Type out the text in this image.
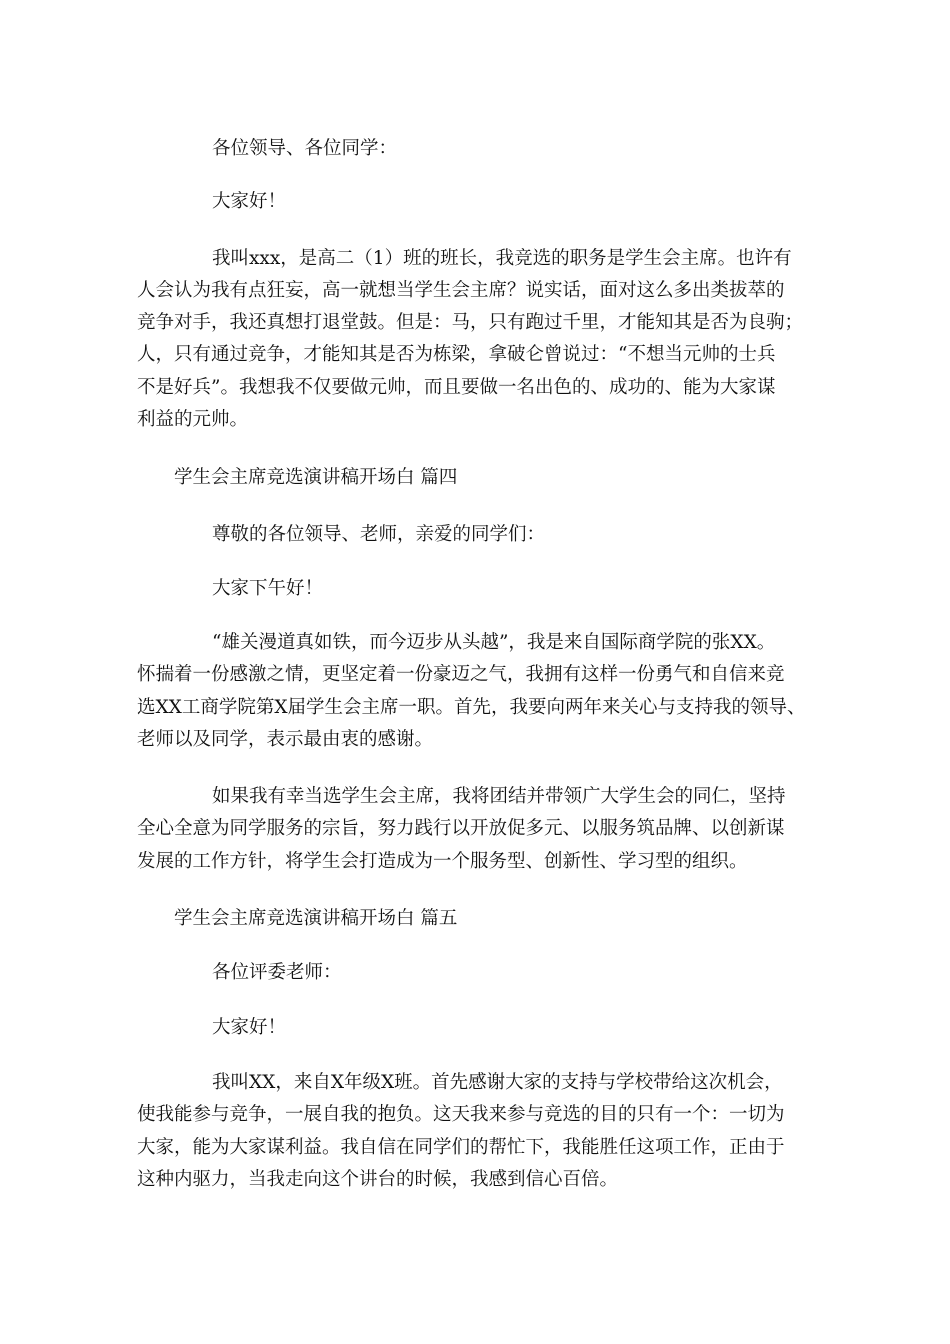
各位领导、各位同学：

大家好！

我叫xxx，是高二（1）班的班长，我竞选的职务是学生会主席。也许有

人会认为我有点狂妄，高一就想当学生会主席？说实话，面对这么多出类拔萃的

竞争对手，我还真想打退堂鼓。但是：马，只有跑过千里，才能知其是否为良驹；

人，只有通过竞争，才能知其是否为栋梁，拿破仑曾说过：“不想当元帅的士兵

不是好兵”。我想我不仅要做元帅，而且要做一名出色的、成功的、能为大家谋

利益的元帅。

学生会主席竞选演讲稿开场白 篇四

尊敬的各位领导、老师，亲爱的同学们：

大家下午好！

“雄关漫道真如铁，而今迈步从头越”，我是来自国际商学院的张XX。

怀揣着一份感激之情，更坚定着一份豪迈之气，我拥有这样一份勇气和自信来竞

选XX工商学院第X届学生会主席一职。首先，我要向两年来关心与支持我的领导、

老师以及同学，表示最由衷的感谢。

如果我有幸当选学生会主席，我将团结并带领广大学生会的同仁，坚持

全心全意为同学服务的宗旨，努力践行以开放促多元、以服务筑品牌、以创新谋

发展的工作方针，将学生会打造成为一个服务型、创新性、学习型的组织。

学生会主席竞选演讲稿开场白 篇五

各位评委老师：

大家好！

我叫XX，来自X年级X班。首先感谢大家的支持与学校带给这次机会，

使我能参与竞争，一展自我的抱负。这天我来参与竞选的目的只有一个：一切为

大家，能为大家谋利益。我自信在同学们的帮忙下，我能胜任这项工作，正由于

这种内驱力，当我走向这个讲台的时候，我感到信心百倍。
